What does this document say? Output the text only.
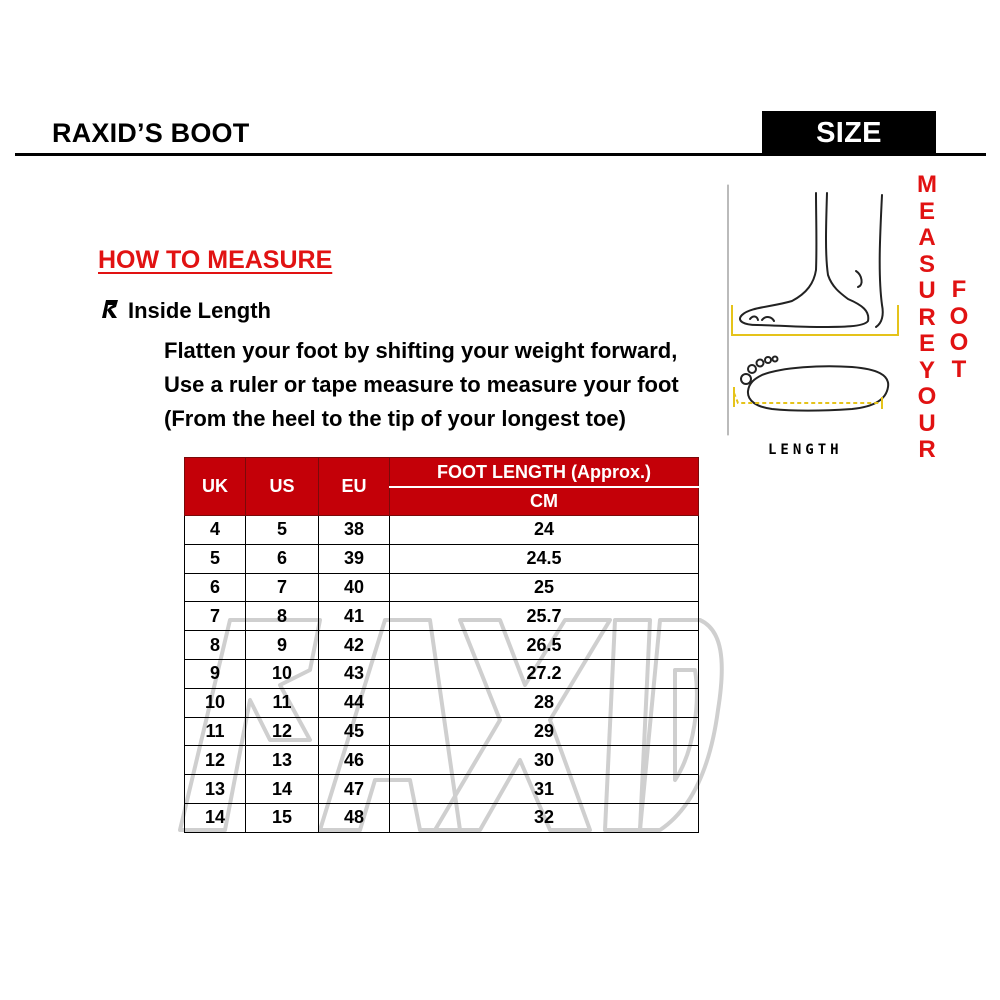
RAXID’S BOOT	SIZE CHART
HOW TO MEASURE
Inside Length
Flatten your foot by shifting your weight forward,
Use a ruler or tape measure to measure your foot
(From the heel to the tip of your longest toe)
LENGTH
M
E
A
S
U
R
E
Y
O
U
R
F
O
O
T
UK	US	EU	FOOT LENGTH (Approx.)
			CM
4	5	38	24
5	6	39	24.5
6	7	40	25
7	8	41	25.7
8	9	42	26.5
9	10	43	27.2
10	11	44	28
11	12	45	29
12	13	46	30
13	14	47	31
14	15	48	32
